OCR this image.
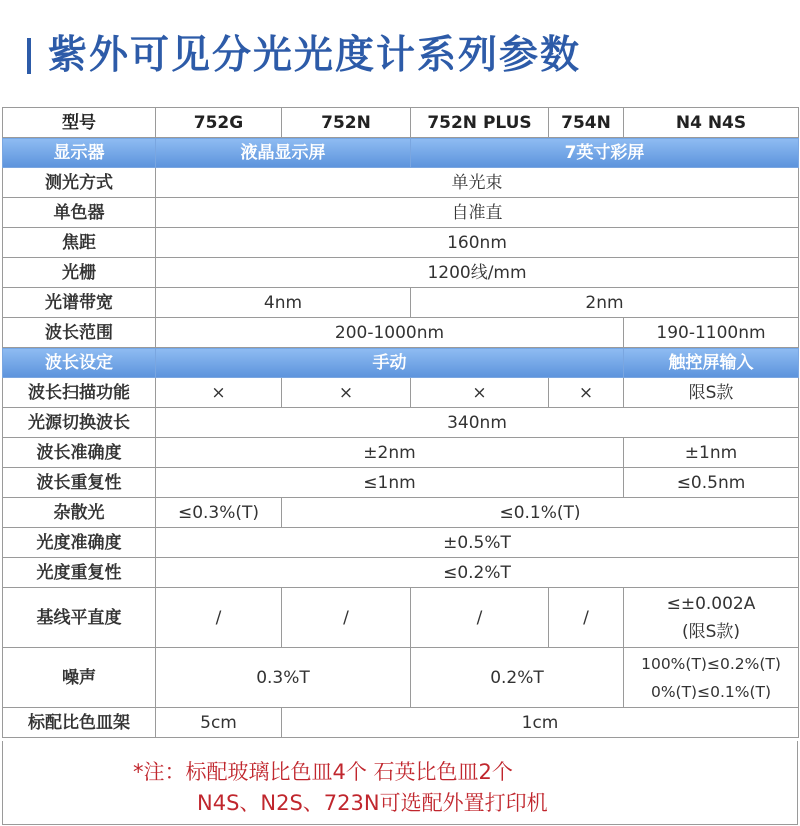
紫外可见分光光度计系列参数
型号	752G	752N	752N PLUS	754N	N4 N4S
显示器	液晶显示屏		7英寸彩屏		
测光方式	单光束				
单色器	自准直				
焦距	160nm				
光栅	1200线/mm				
光谱带宽	4nm		2nm		
波长范围	200-1000nm				190-1100nm
波长设定	手动				触控屏输入
波长扫描功能	×	×	×	×	限S款
光源切换波长	340nm				
波长准确度	±2nm				±1nm
波长重复性	≤1nm				≤0.5nm
杂散光	≤0.3%(T)	≤0.1%(T)			
光度准确度	±0.5%T				
光度重复性	≤0.2%T				
基线平直度	/	/	/	/	≤±0.002A
(限S款)

噪声	0.3%T		0.2%T		100%(T)≤0.2%(T)
0%(T)≤0.1%(T)

标配比色皿架	5cm	1cm			
*注：标配玻璃比色皿4个 石英比色皿2个
N4S、N2S、723N可选配外置打印机
